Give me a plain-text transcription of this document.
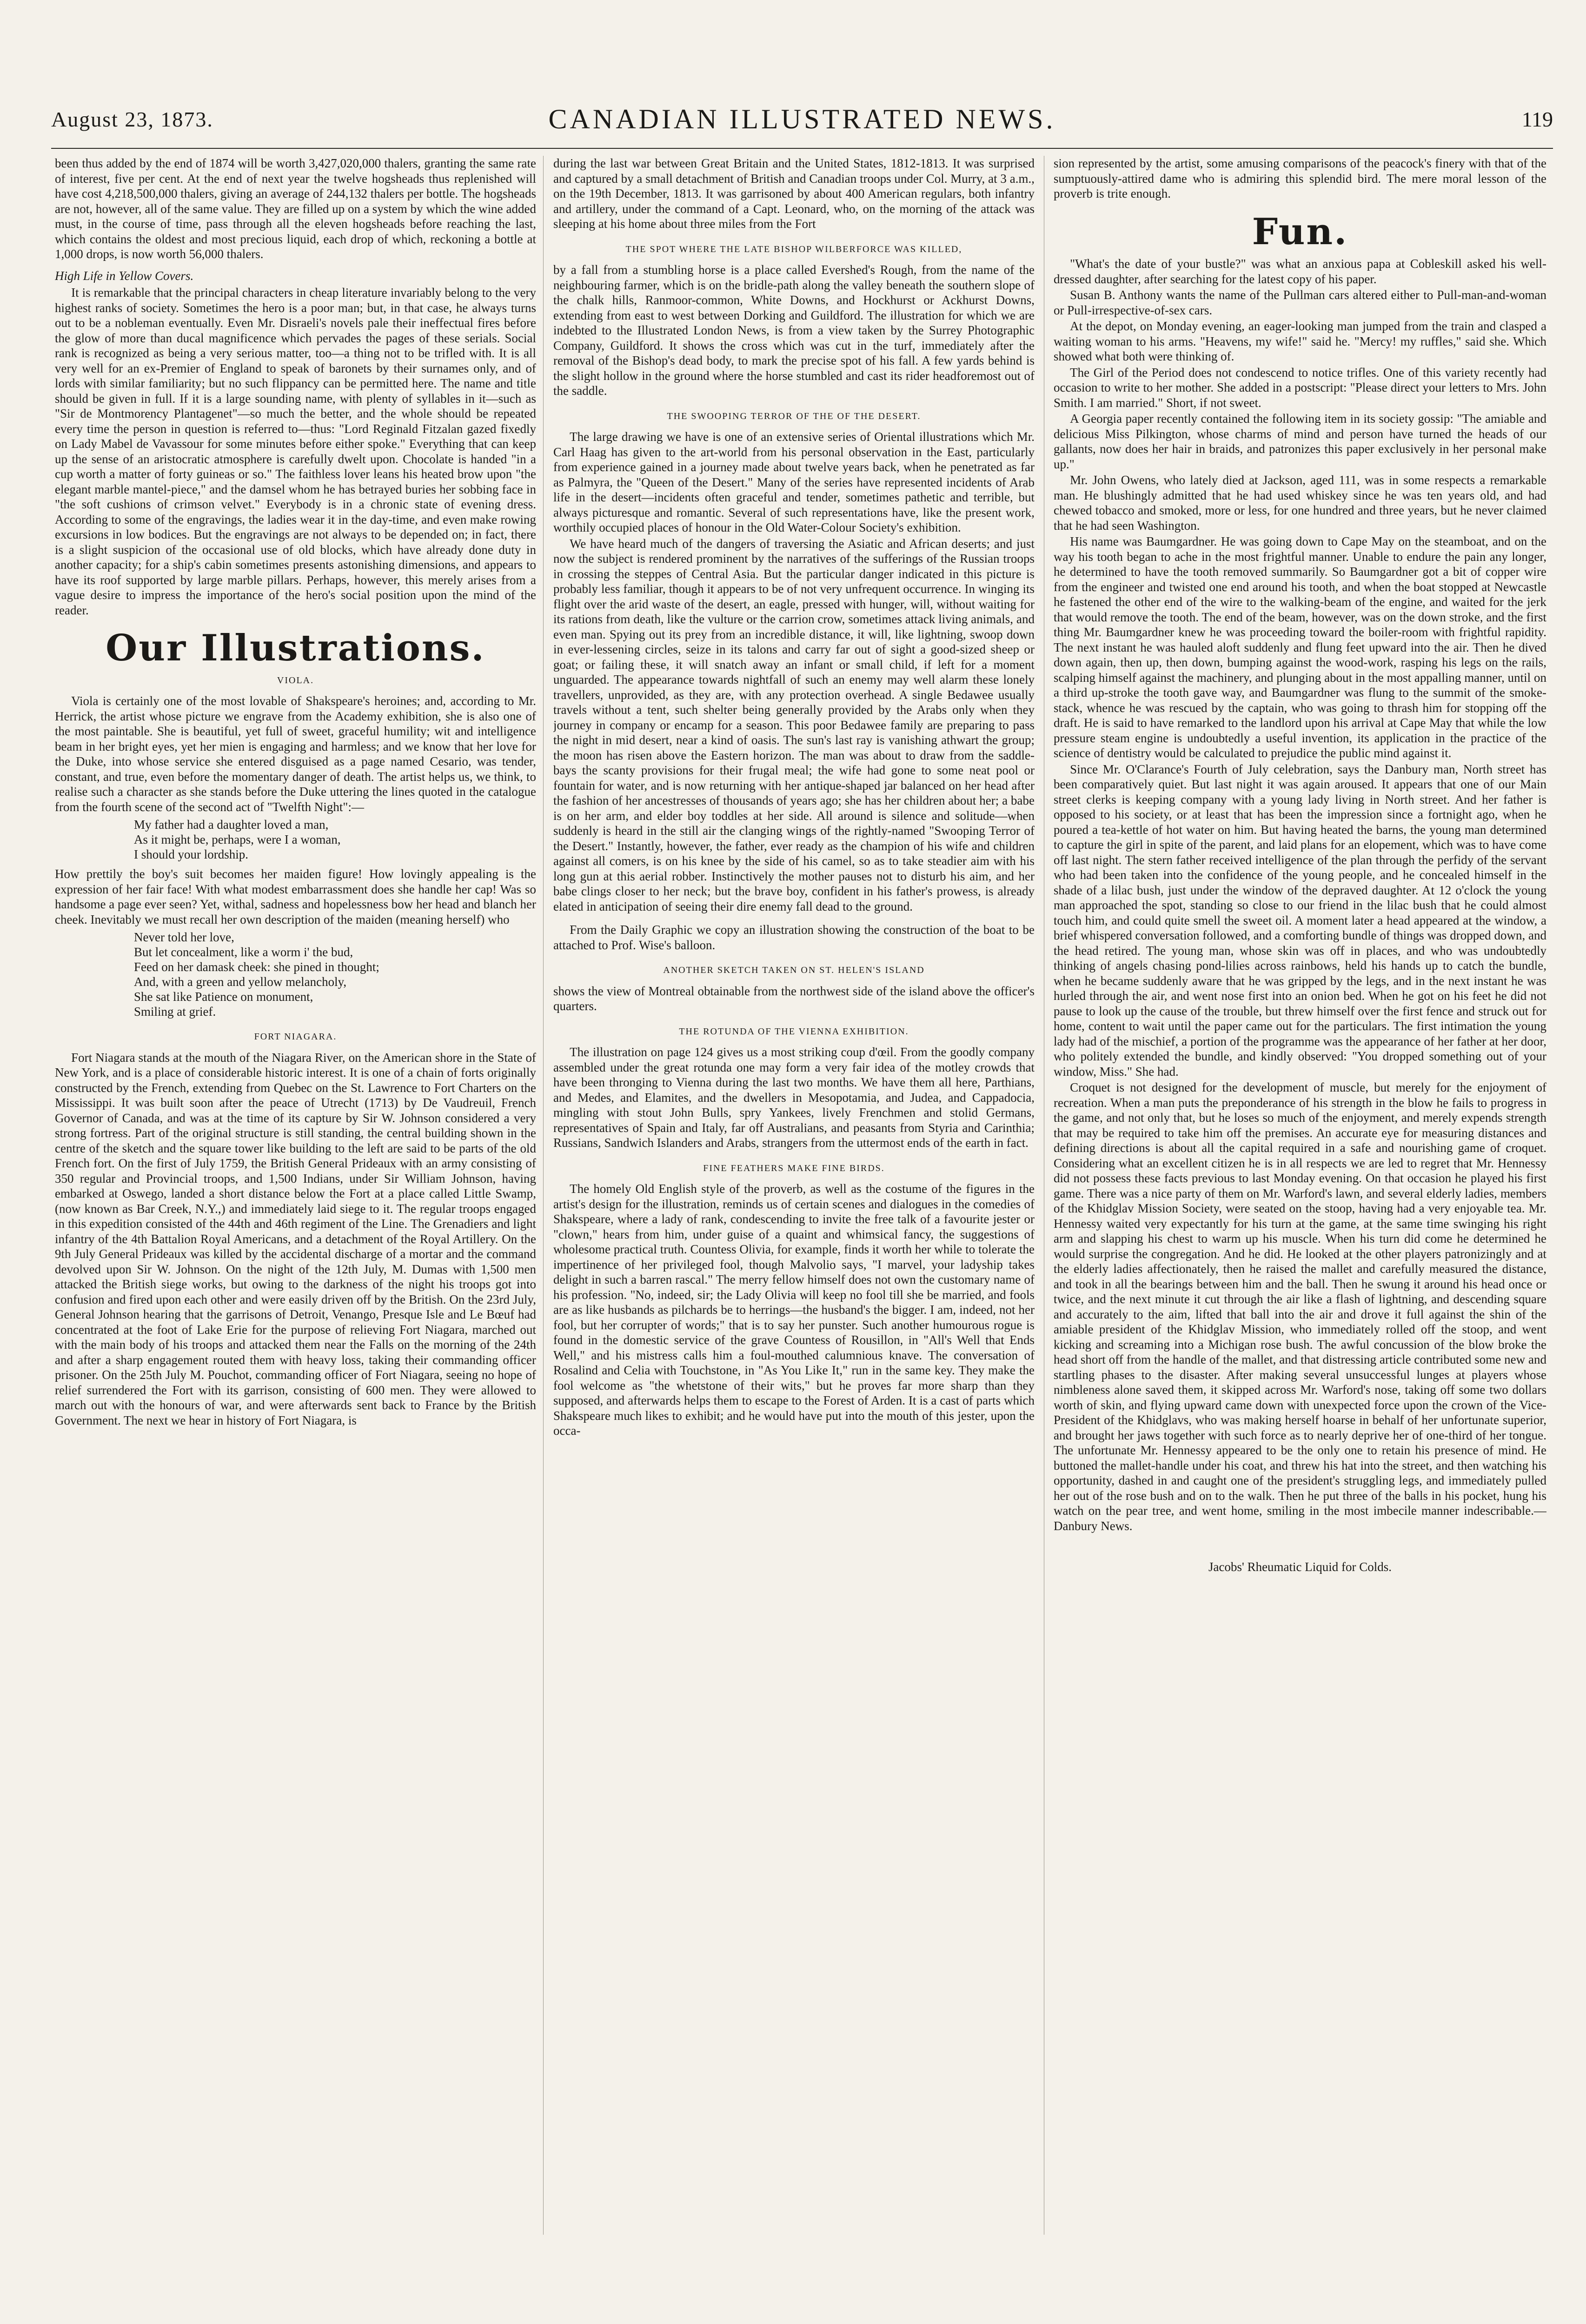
August 23, 1873.	CANADIAN ILLUSTRATED NEWS.	119

been thus added by the end of 1874 will be worth 3,427,020,000 thalers, granting the same rate of interest, five per cent. At the end of next year the twelve hogsheads thus replenished will have cost 4,218,500,000 thalers, giving an average of 244,132 thalers per bottle. The hogsheads are not, however, all of the same value. They are filled up on a system by which the wine added must, in the course of time, pass through all the eleven hogsheads before reaching the last, which contains the oldest and most precious liquid, each drop of which, reckoning a bottle at 1,000 drops, is now worth 56,000 thalers.

High Life in Yellow Covers.

It is remarkable that the principal characters in cheap literature invariably belong to the very highest ranks of society. Sometimes the hero is a poor man; but, in that case, he always turns out to be a nobleman eventually. Even Mr. Disraeli's novels pale their ineffectual fires before the glow of more than ducal magnificence which pervades the pages of these serials. Social rank is recognized as being a very serious matter, too—a thing not to be trifled with. It is all very well for an ex-Premier of England to speak of baronets by their surnames only, and of lords with similar familiarity; but no such flippancy can be permitted here. The name and title should be given in full. If it is a large sounding name, with plenty of syllables in it—such as "Sir de Montmorency Plantagenet"—so much the better, and the whole should be repeated every time the person in question is referred to—thus: "Lord Reginald Fitzalan gazed fixedly on Lady Mabel de Vavassour for some minutes before either spoke." Everything that can keep up the sense of an aristocratic atmosphere is carefully dwelt upon. Chocolate is handed "in a cup worth a matter of forty guineas or so." The faithless lover leans his heated brow upon "the elegant marble mantel-piece," and the damsel whom he has betrayed buries her sobbing face in "the soft cushions of crimson velvet." Everybody is in a chronic state of evening dress. According to some of the engravings, the ladies wear it in the day-time, and even make rowing excursions in low bodices. But the engravings are not always to be depended on; in fact, there is a slight suspicion of the occasional use of old blocks, which have already done duty in another capacity; for a ship's cabin sometimes presents astonishing dimensions, and appears to have its roof supported by large marble pillars. Perhaps, however, this merely arises from a vague desire to impress the importance of the hero's social position upon the mind of the reader.

Our Illustrations.
VIOLA.

Viola is certainly one of the most lovable of Shakspeare's heroines; and, according to Mr. Herrick, the artist whose picture we engrave from the Academy exhibition, she is also one of the most paintable. She is beautiful, yet full of sweet, graceful humility; wit and intelligence beam in her bright eyes, yet her mien is engaging and harmless; and we know that her love for the Duke, into whose service she entered disguised as a page named Cesario, was tender, constant, and true, even before the momentary danger of death. The artist helps us, we think, to realise such a character as she stands before the Duke uttering the lines quoted in the catalogue from the fourth scene of the second act of "Twelfth Night":—

My father had a daughter loved a man,
As it might be, perhaps, were I a woman,
I should your lordship.

How prettily the boy's suit becomes her maiden figure! How lovingly appealing is the expression of her fair face! With what modest embarrassment does she handle her cap! Was so handsome a page ever seen? Yet, withal, sadness and hopelessness bow her head and blanch her cheek. Inevitably we must recall her own description of the maiden (meaning herself) who

Never told her love,
But let concealment, like a worm i' the bud,
Feed on her damask cheek: she pined in thought;
And, with a green and yellow melancholy,
She sat like Patience on monument,
Smiling at grief.
FORT NIAGARA.

Fort Niagara stands at the mouth of the Niagara River, on the American shore in the State of New York, and is a place of considerable historic interest. It is one of a chain of forts originally constructed by the French, extending from Quebec on the St. Lawrence to Fort Charters on the Mississippi. It was built soon after the peace of Utrecht (1713) by De Vaudreuil, French Governor of Canada, and was at the time of its capture by Sir W. Johnson considered a very strong fortress. Part of the original structure is still standing, the central building shown in the centre of the sketch and the square tower like building to the left are said to be parts of the old French fort. On the first of July 1759, the British General Prideaux with an army consisting of 350 regular and Provincial troops, and 1,500 Indians, under Sir William Johnson, having embarked at Oswego, landed a short distance below the Fort at a place called Little Swamp, (now known as Bar Creek, N.Y.,) and immediately laid siege to it. The regular troops engaged in this expedition consisted of the 44th and 46th regiment of the Line. The Grenadiers and light infantry of the 4th Battalion Royal Americans, and a detachment of the Royal Artillery. On the 9th July General Prideaux was killed by the accidental discharge of a mortar and the command devolved upon Sir W. Johnson. On the night of the 12th July, M. Dumas with 1,500 men attacked the British siege works, but owing to the darkness of the night his troops got into confusion and fired upon each other and were easily driven off by the British. On the 23rd July, General Johnson hearing that the garrisons of Detroit, Venango, Presque Isle and Le Bœuf had concentrated at the foot of Lake Erie for the purpose of relieving Fort Niagara, marched out with the main body of his troops and attacked them near the Falls on the morning of the 24th and after a sharp engagement routed them with heavy loss, taking their commanding officer prisoner. On the 25th July M. Pouchot, commanding officer of Fort Niagara, seeing no hope of relief surrendered the Fort with its garrison, consisting of 600 men. They were allowed to march out with the honours of war, and were afterwards sent back to France by the British Government. The next we hear in history of Fort Niagara, is

during the last war between Great Britain and the United States, 1812-1813. It was surprised and captured by a small detachment of British and Canadian troops under Col. Murry, at 3 a.m., on the 19th December, 1813. It was garrisoned by about 400 American regulars, both infantry and artillery, under the command of a Capt. Leonard, who, on the morning of the attack was sleeping at his home about three miles from the Fort

THE SPOT WHERE THE LATE BISHOP WILBERFORCE WAS KILLED,

by a fall from a stumbling horse is a place called Evershed's Rough, from the name of the neighbouring farmer, which is on the bridle-path along the valley beneath the southern slope of the chalk hills, Ranmoor-common, White Downs, and Hockhurst or Ackhurst Downs, extending from east to west between Dorking and Guildford. The illustration for which we are indebted to the Illustrated London News, is from a view taken by the Surrey Photographic Company, Guildford. It shows the cross which was cut in the turf, immediately after the removal of the Bishop's dead body, to mark the precise spot of his fall. A few yards behind is the slight hollow in the ground where the horse stumbled and cast its rider headforemost out of the saddle.

THE SWOOPING TERROR OF THE OF THE DESERT.

The large drawing we have is one of an extensive series of Oriental illustrations which Mr. Carl Haag has given to the art-world from his personal observation in the East, particularly from experience gained in a journey made about twelve years back, when he penetrated as far as Palmyra, the "Queen of the Desert." Many of the series have represented incidents of Arab life in the desert—incidents often graceful and tender, sometimes pathetic and terrible, but always picturesque and romantic. Several of such representations have, like the present work, worthily occupied places of honour in the Old Water-Colour Society's exhibition.

We have heard much of the dangers of traversing the Asiatic and African deserts; and just now the subject is rendered prominent by the narratives of the sufferings of the Russian troops in crossing the steppes of Central Asia. But the particular danger indicated in this picture is probably less familiar, though it appears to be of not very unfrequent occurrence. In winging its flight over the arid waste of the desert, an eagle, pressed with hunger, will, without waiting for its rations from death, like the vulture or the carrion crow, sometimes attack living animals, and even man. Spying out its prey from an incredible distance, it will, like lightning, swoop down in ever-lessening circles, seize in its talons and carry far out of sight a good-sized sheep or goat; or failing these, it will snatch away an infant or small child, if left for a moment unguarded. The appearance towards nightfall of such an enemy may well alarm these lonely travellers, unprovided, as they are, with any protection overhead. A single Bedawee usually travels without a tent, such shelter being generally provided by the Arabs only when they journey in company or encamp for a season. This poor Bedawee family are preparing to pass the night in mid desert, near a kind of oasis. The sun's last ray is vanishing athwart the group; the moon has risen above the Eastern horizon. The man was about to draw from the saddle-bays the scanty provisions for their frugal meal; the wife had gone to some neat pool or fountain for water, and is now returning with her antique-shaped jar balanced on her head after the fashion of her ancestresses of thousands of years ago; she has her children about her; a babe is on her arm, and elder boy toddles at her side. All around is silence and solitude—when suddenly is heard in the still air the clanging wings of the rightly-named "Swooping Terror of the Desert." Instantly, however, the father, ever ready as the champion of his wife and children against all comers, is on his knee by the side of his camel, so as to take steadier aim with his long gun at this aerial robber. Instinctively the mother pauses not to disturb his aim, and her babe clings closer to her neck; but the brave boy, confident in his father's prowess, is already elated in anticipation of seeing their dire enemy fall dead to the ground.

From the Daily Graphic we copy an illustration showing the construction of the boat to be attached to Prof. Wise's balloon.

ANOTHER SKETCH TAKEN ON ST. HELEN'S ISLAND

shows the view of Montreal obtainable from the northwest side of the island above the officer's quarters.

THE ROTUNDA OF THE VIENNA EXHIBITION.

The illustration on page 124 gives us a most striking coup d'œil. From the goodly company assembled under the great rotunda one may form a very fair idea of the motley crowds that have been thronging to Vienna during the last two months. We have them all here, Parthians, and Medes, and Elamites, and the dwellers in Mesopotamia, and Judea, and Cappadocia, mingling with stout John Bulls, spry Yankees, lively Frenchmen and stolid Germans, representatives of Spain and Italy, far off Australians, and peasants from Styria and Carinthia; Russians, Sandwich Islanders and Arabs, strangers from the uttermost ends of the earth in fact.

FINE FEATHERS MAKE FINE BIRDS.

The homely Old English style of the proverb, as well as the costume of the figures in the artist's design for the illustration, reminds us of certain scenes and dialogues in the comedies of Shakspeare, where a lady of rank, condescending to invite the free talk of a favourite jester or "clown," hears from him, under guise of a quaint and whimsical fancy, the suggestions of wholesome practical truth. Countess Olivia, for example, finds it worth her while to tolerate the impertinence of her privileged fool, though Malvolio says, "I marvel, your ladyship takes delight in such a barren rascal." The merry fellow himself does not own the customary name of his profession. "No, indeed, sir; the Lady Olivia will keep no fool till she be married, and fools are as like husbands as pilchards be to herrings—the husband's the bigger. I am, indeed, not her fool, but her corrupter of words;" that is to say her punster. Such another humourous rogue is found in the domestic service of the grave Countess of Rousillon, in "All's Well that Ends Well," and his mistress calls him a foul-mouthed calumnious knave. The conversation of Rosalind and Celia with Touchstone, in "As You Like It," run in the same key. They make the fool welcome as "the whetstone of their wits," but he proves far more sharp than they supposed, and afterwards helps them to escape to the Forest of Arden. It is a cast of parts which Shakspeare much likes to exhibit; and he would have put into the mouth of this jester, upon the occa-

sion represented by the artist, some amusing comparisons of the peacock's finery with that of the sumptuously-attired dame who is admiring this splendid bird. The mere moral lesson of the proverb is trite enough.

Fun.

"What's the date of your bustle?" was what an anxious papa at Cobleskill asked his well-dressed daughter, after searching for the latest copy of his paper.

Susan B. Anthony wants the name of the Pullman cars altered either to Pull-man-and-woman or Pull-irrespective-of-sex cars.

At the depot, on Monday evening, an eager-looking man jumped from the train and clasped a waiting woman to his arms. "Heavens, my wife!" said he. "Mercy! my ruffles," said she. Which showed what both were thinking of.

The Girl of the Period does not condescend to notice trifles. One of this variety recently had occasion to write to her mother. She added in a postscript: "Please direct your letters to Mrs. John Smith. I am married." Short, if not sweet.

A Georgia paper recently contained the following item in its society gossip: "The amiable and delicious Miss Pilkington, whose charms of mind and person have turned the heads of our gallants, now does her hair in braids, and patronizes this paper exclusively in her personal make up."

Mr. John Owens, who lately died at Jackson, aged 111, was in some respects a remarkable man. He blushingly admitted that he had used whiskey since he was ten years old, and had chewed tobacco and smoked, more or less, for one hundred and three years, but he never claimed that he had seen Washington.

His name was Baumgardner. He was going down to Cape May on the steamboat, and on the way his tooth began to ache in the most frightful manner. Unable to endure the pain any longer, he determined to have the tooth removed summarily. So Baumgardner got a bit of copper wire from the engineer and twisted one end around his tooth, and when the boat stopped at Newcastle he fastened the other end of the wire to the walking-beam of the engine, and waited for the jerk that would remove the tooth. The end of the beam, however, was on the down stroke, and the first thing Mr. Baumgardner knew he was proceeding toward the boiler-room with frightful rapidity. The next instant he was hauled aloft suddenly and flung feet upward into the air. Then he dived down again, then up, then down, bumping against the wood-work, rasping his legs on the rails, scalping himself against the machinery, and plunging about in the most appalling manner, until on a third up-stroke the tooth gave way, and Baumgardner was flung to the summit of the smoke-stack, whence he was rescued by the captain, who was going to thrash him for stopping off the draft. He is said to have remarked to the landlord upon his arrival at Cape May that while the low pressure steam engine is undoubtedly a useful invention, its application in the practice of the science of dentistry would be calculated to prejudice the public mind against it.

Since Mr. O'Clarance's Fourth of July celebration, says the Danbury man, North street has been comparatively quiet. But last night it was again aroused. It appears that one of our Main street clerks is keeping company with a young lady living in North street. And her father is opposed to his society, or at least that has been the impression since a fortnight ago, when he poured a tea-kettle of hot water on him. But having heated the barns, the young man determined to capture the girl in spite of the parent, and laid plans for an elopement, which was to have come off last night. The stern father received intelligence of the plan through the perfidy of the servant who had been taken into the confidence of the young people, and he concealed himself in the shade of a lilac bush, just under the window of the depraved daughter. At 12 o'clock the young man approached the spot, standing so close to our friend in the lilac bush that he could almost touch him, and could quite smell the sweet oil. A moment later a head appeared at the window, a brief whispered conversation followed, and a comforting bundle of things was dropped down, and the head retired. The young man, whose skin was off in places, and who was undoubtedly thinking of angels chasing pond-lilies across rainbows, held his hands up to catch the bundle, when he became suddenly aware that he was gripped by the legs, and in the next instant he was hurled through the air, and went nose first into an onion bed. When he got on his feet he did not pause to look up the cause of the trouble, but threw himself over the first fence and struck out for home, content to wait until the paper came out for the particulars. The first intimation the young lady had of the mischief, a portion of the programme was the appearance of her father at her door, who politely extended the bundle, and kindly observed: "You dropped something out of your window, Miss." She had.

Croquet is not designed for the development of muscle, but merely for the enjoyment of recreation. When a man puts the preponderance of his strength in the blow he fails to progress in the game, and not only that, but he loses so much of the enjoyment, and merely expends strength that may be required to take him off the premises. An accurate eye for measuring distances and defining directions is about all the capital required in a safe and nourishing game of croquet. Considering what an excellent citizen he is in all respects we are led to regret that Mr. Hennessy did not possess these facts previous to last Monday evening. On that occasion he played his first game. There was a nice party of them on Mr. Warford's lawn, and several elderly ladies, members of the Khidglav Mission Society, were seated on the stoop, having had a very enjoyable tea. Mr. Hennessy waited very expectantly for his turn at the game, at the same time swinging his right arm and slapping his chest to warm up his muscle. When his turn did come he determined he would surprise the congregation. And he did. He looked at the other players patronizingly and at the elderly ladies affectionately, then he raised the mallet and carefully measured the distance, and took in all the bearings between him and the ball. Then he swung it around his head once or twice, and the next minute it cut through the air like a flash of lightning, and descending square and accurately to the aim, lifted that ball into the air and drove it full against the shin of the amiable president of the Khidglav Mission, who immediately rolled off the stoop, and went kicking and screaming into a Michigan rose bush. The awful concussion of the blow broke the head short off from the handle of the mallet, and that distressing article contributed some new and startling phases to the disaster. After making several unsuccessful lunges at players whose nimbleness alone saved them, it skipped across Mr. Warford's nose, taking off some two dollars worth of skin, and flying upward came down with unexpected force upon the crown of the Vice-President of the Khidglavs, who was making herself hoarse in behalf of her unfortunate superior, and brought her jaws together with such force as to nearly deprive her of one-third of her tongue. The unfortunate Mr. Hennessy appeared to be the only one to retain his presence of mind. He buttoned the mallet-handle under his coat, and threw his hat into the street, and then watching his opportunity, dashed in and caught one of the president's struggling legs, and immediately pulled her out of the rose bush and on to the walk. Then he put three of the balls in his pocket, hung his watch on the pear tree, and went home, smiling in the most imbecile manner indescribable.—Danbury News.

Jacobs' Rheumatic Liquid for Colds.
